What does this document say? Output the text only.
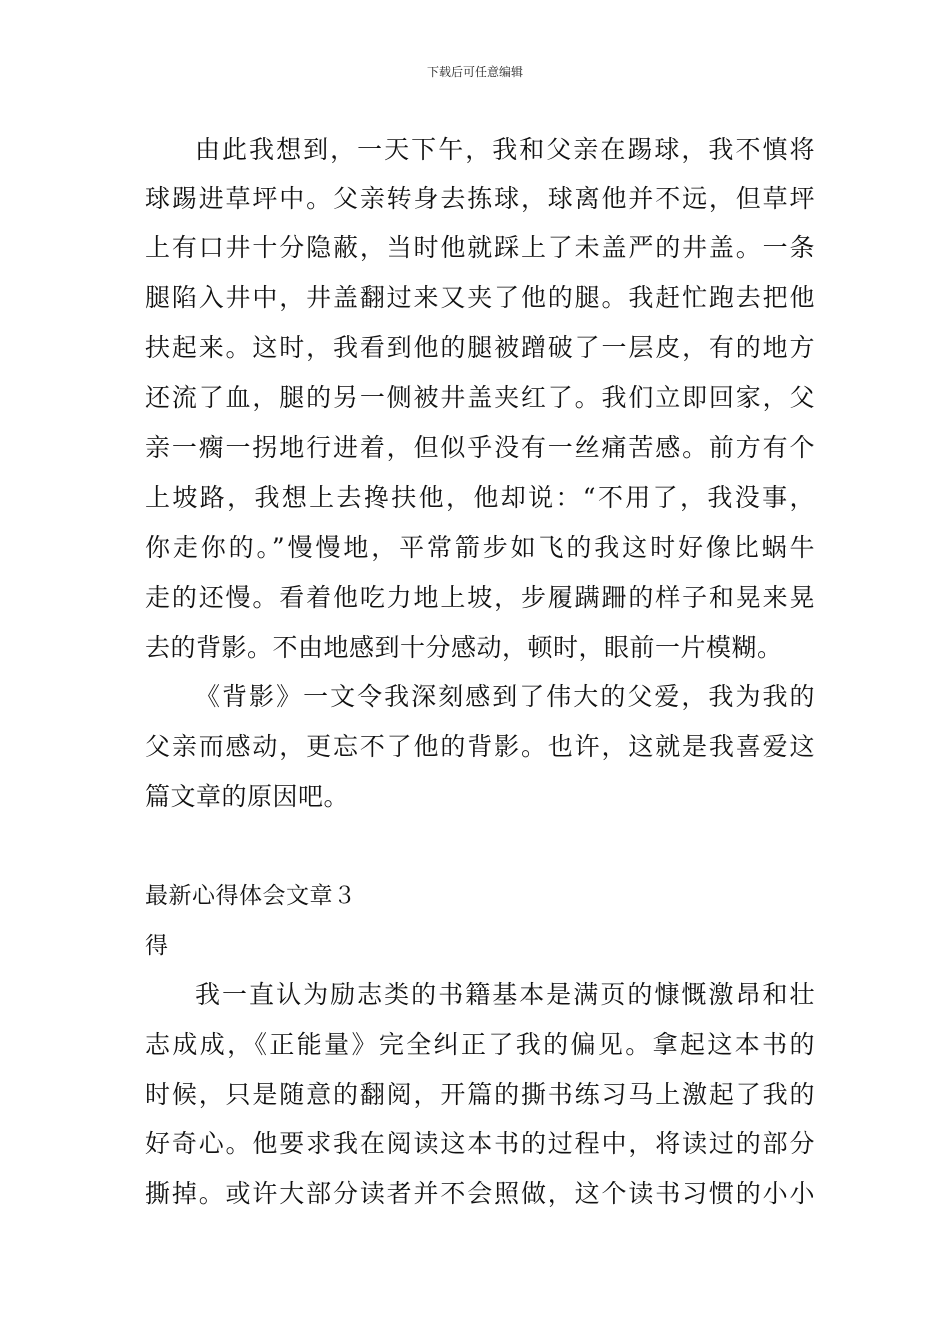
下载后可任意编辑
由此我想到，一天下午，我和父亲在踢球，我不慎将
球踢进草坪中。父亲转身去拣球，球离他并不远，但草坪
上有口井十分隐蔽，当时他就踩上了未盖严的井盖。一条
腿陷入井中，井盖翻过来又夹了他的腿。我赶忙跑去把他
扶起来。这时，我看到他的腿被蹭破了一层皮，有的地方
还流了血，腿的另一侧被井盖夹红了。我们立即回家，父
亲一瘸一拐地行进着，但似乎没有一丝痛苦感。前方有个
上坡路，我想上去搀扶他，他却说：“不用了，我没事，
你走你的。”慢慢地，平常箭步如飞的我这时好像比蜗牛
走的还慢。看着他吃力地上坡，步履蹒跚的样子和晃来晃
去的背影。不由地感到十分感动，顿时，眼前一片模糊。
《背影》一文令我深刻感到了伟大的父爱，我为我的
父亲而感动，更忘不了他的背影。也许，这就是我喜爱这
篇文章的原因吧。
最新心得体会文章３
得
我一直认为励志类的书籍基本是满页的慷慨激昂和壮
志成成，《正能量》完全纠正了我的偏见。拿起这本书的
时候，只是随意的翻阅，开篇的撕书练习马上激起了我的
好奇心。他要求我在阅读这本书的过程中，将读过的部分
撕掉。或许大部分读者并不会照做，这个读书习惯的小小
